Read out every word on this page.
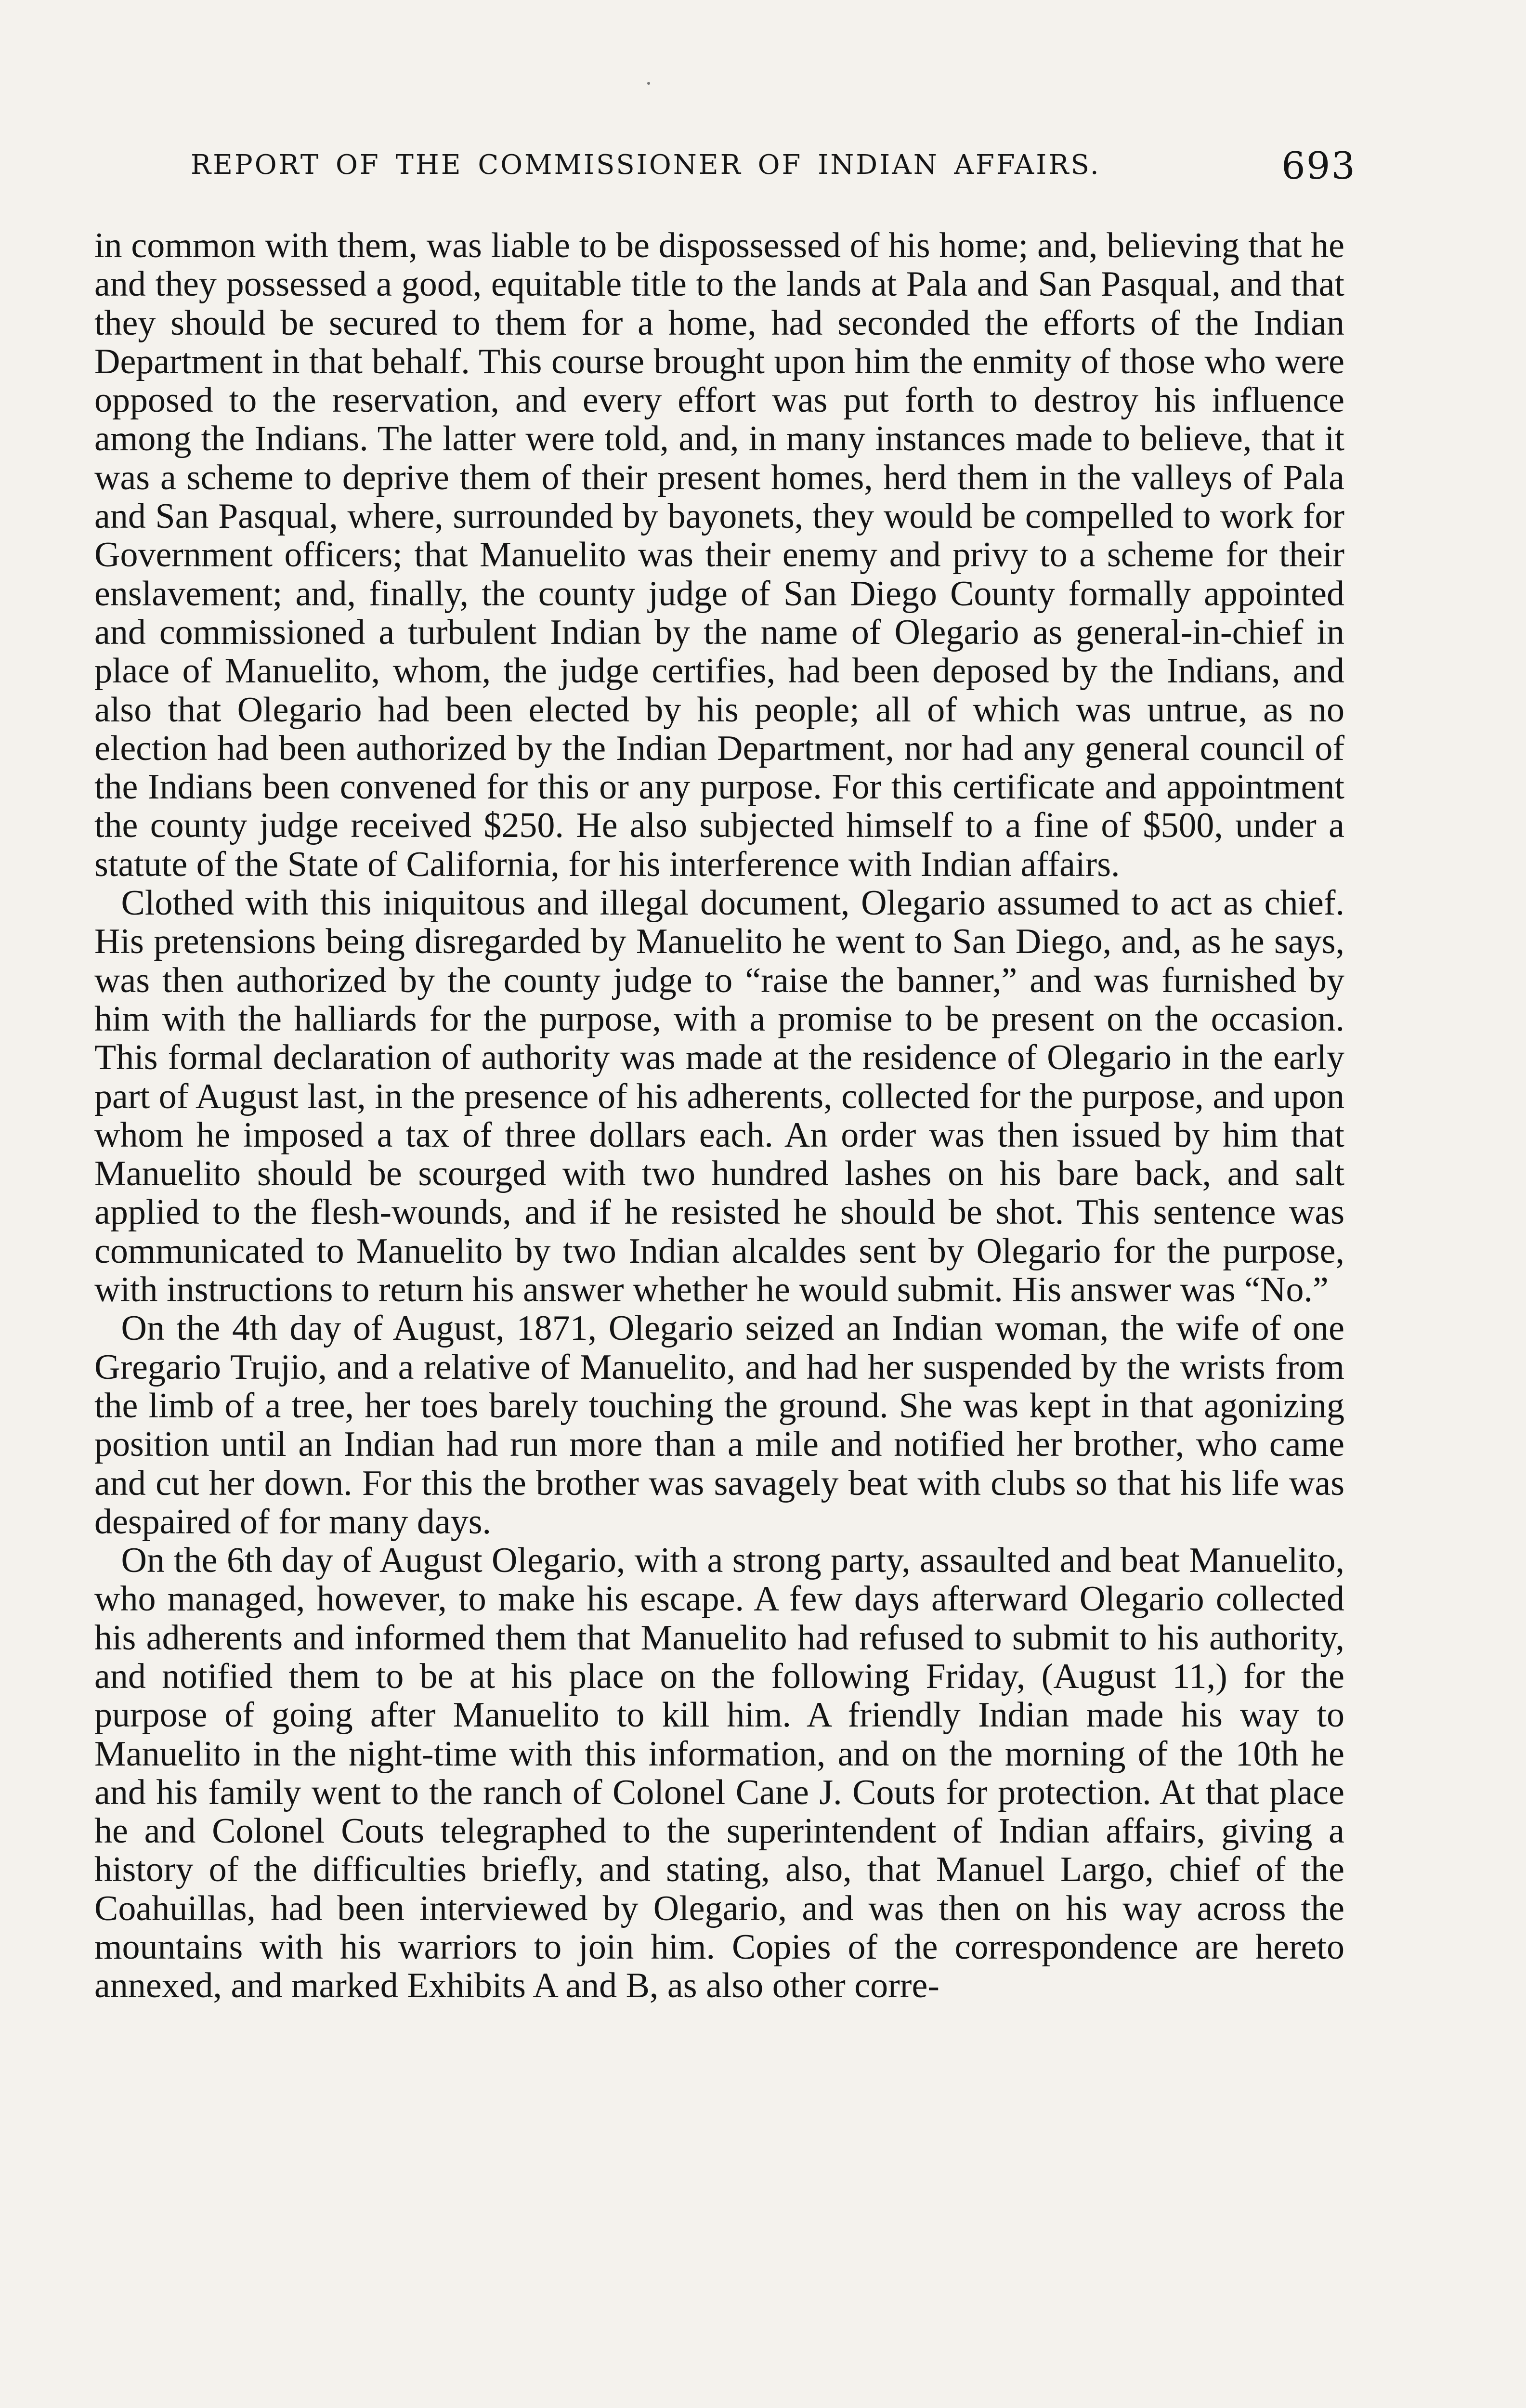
REPORT OF THE COMMISSIONER OF INDIAN AFFAIRS.	693

in common with them, was liable to be dispossessed of his home; and, believing that he and they possessed a good, equitable title to the lands at Pala and San Pasqual, and that they should be secured to them for a home, had seconded the efforts of the Indian Department in that behalf. This course brought upon him the enmity of those who were opposed to the reservation, and every effort was put forth to destroy his influence among the Indians. The latter were told, and, in many instances made to believe, that it was a scheme to deprive them of their present homes, herd them in the valleys of Pala and San Pasqual, where, surrounded by bayonets, they would be compelled to work for Government officers; that Manuelito was their enemy and privy to a scheme for their enslavement; and, finally, the county judge of San Diego County formally appointed and commissioned a turbulent Indian by the name of Olegario as general-in-chief in place of Manuelito, whom, the judge certifies, had been deposed by the Indians, and also that Olegario had been elected by his people; all of which was untrue, as no election had been authorized by the Indian Department, nor had any general council of the Indians been convened for this or any purpose. For this certificate and appointment the county judge received $250. He also subjected himself to a fine of $500, under a statute of the State of California, for his interference with Indian affairs.

Clothed with this iniquitous and illegal document, Olegario assumed to act as chief. His pretensions being disregarded by Manuelito he went to San Diego, and, as he says, was then authorized by the county judge to “raise the banner,” and was furnished by him with the halliards for the purpose, with a promise to be present on the occasion. This formal declaration of authority was made at the residence of Olegario in the early part of August last, in the presence of his adherents, collected for the purpose, and upon whom he imposed a tax of three dollars each. An order was then issued by him that Manuelito should be scourged with two hundred lashes on his bare back, and salt applied to the flesh-wounds, and if he resisted he should be shot. This sentence was communicated to Manuelito by two Indian alcaldes sent by Olegario for the purpose, with instructions to return his answer whether he would submit. His answer was “No.”

On the 4th day of August, 1871, Olegario seized an Indian woman, the wife of one Gregario Trujio, and a relative of Manuelito, and had her suspended by the wrists from the limb of a tree, her toes barely touching the ground. She was kept in that agonizing position until an Indian had run more than a mile and notified her brother, who came and cut her down. For this the brother was savagely beat with clubs so that his life was despaired of for many days.

On the 6th day of August Olegario, with a strong party, assaulted and beat Manuelito, who managed, however, to make his escape. A few days afterward Olegario collected his adherents and informed them that Manuelito had refused to submit to his authority, and notified them to be at his place on the following Friday, (August 11,) for the purpose of going after Manuelito to kill him. A friendly Indian made his way to Manuelito in the night-time with this information, and on the morning of the 10th he and his family went to the ranch of Colonel Cane J. Couts for protection. At that place he and Colonel Couts telegraphed to the superintendent of Indian affairs, giving a history of the difficulties briefly, and stating, also, that Manuel Largo, chief of the Coahuillas, had been interviewed by Olegario, and was then on his way across the mountains with his warriors to join him. Copies of the correspondence are hereto annexed, and marked Exhibits A and B, as also other corre-
